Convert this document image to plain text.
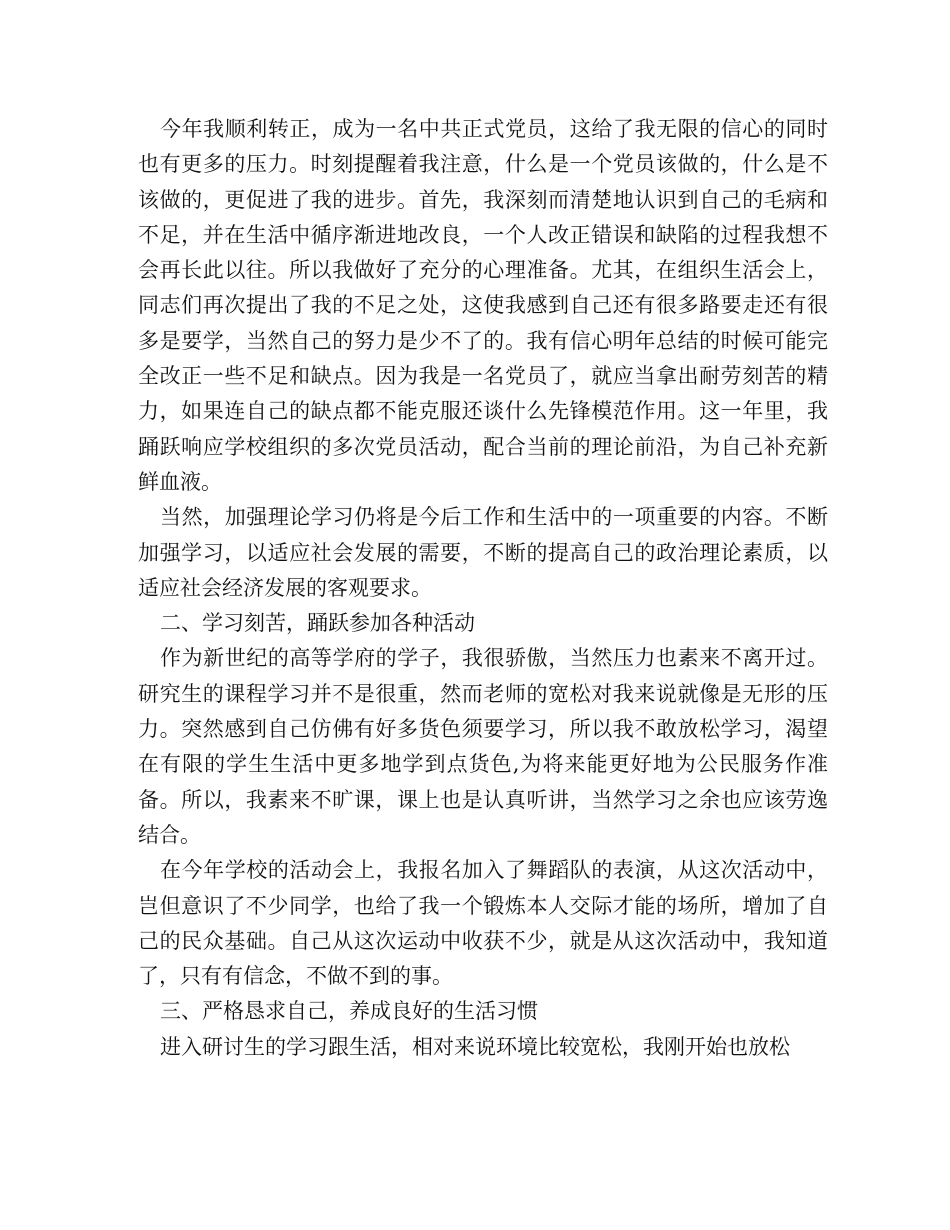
今年我顺利转正，成为一名中共正式党员，这给了我无限的信心的同时也有更多的压力。时刻提醒着我注意，什么是一个党员该做的，什么是不该做的，更促进了我的进步。首先，我深刻而清楚地认识到自己的毛病和不足，并在生活中循序渐进地改良，一个人改正错误和缺陷的过程我想不会再长此以往。所以我做好了充分的心理准备。尤其，在组织生活会上，同志们再次提出了我的不足之处，这使我感到自己还有很多路要走还有很多是要学，当然自己的努力是少不了的。我有信心明年总结的时候可能完全改正一些不足和缺点。因为我是一名党员了，就应当拿出耐劳刻苦的精力，如果连自己的缺点都不能克服还谈什么先锋模范作用。这一年里，我踊跃响应学校组织的多次党员活动，配合当前的理论前沿，为自己补充新鲜血液。

当然，加强理论学习仍将是今后工作和生活中的一项重要的内容。不断加强学习，以适应社会发展的需要，不断的提高自己的政治理论素质，以适应社会经济发展的客观要求。

二、学习刻苦，踊跃参加各种活动

作为新世纪的高等学府的学子，我很骄傲，当然压力也素来不离开过。研究生的课程学习并不是很重，然而老师的宽松对我来说就像是无形的压力。突然感到自己仿佛有好多货色须要学习，所以我不敢放松学习，渴望在有限的学生生活中更多地学到点货色,为将来能更好地为公民服务作准备。所以，我素来不旷课，课上也是认真听讲，当然学习之余也应该劳逸结合。

在今年学校的活动会上，我报名加入了舞蹈队的表演，从这次活动中，岂但意识了不少同学，也给了我一个锻炼本人交际才能的场所，增加了自己的民众基础。自己从这次运动中收获不少，就是从这次活动中，我知道了，只有有信念，不做不到的事。

三、严格恳求自己，养成良好的生活习惯

进入研讨生的学习跟生活，相对来说环境比较宽松，我刚开始也放松
